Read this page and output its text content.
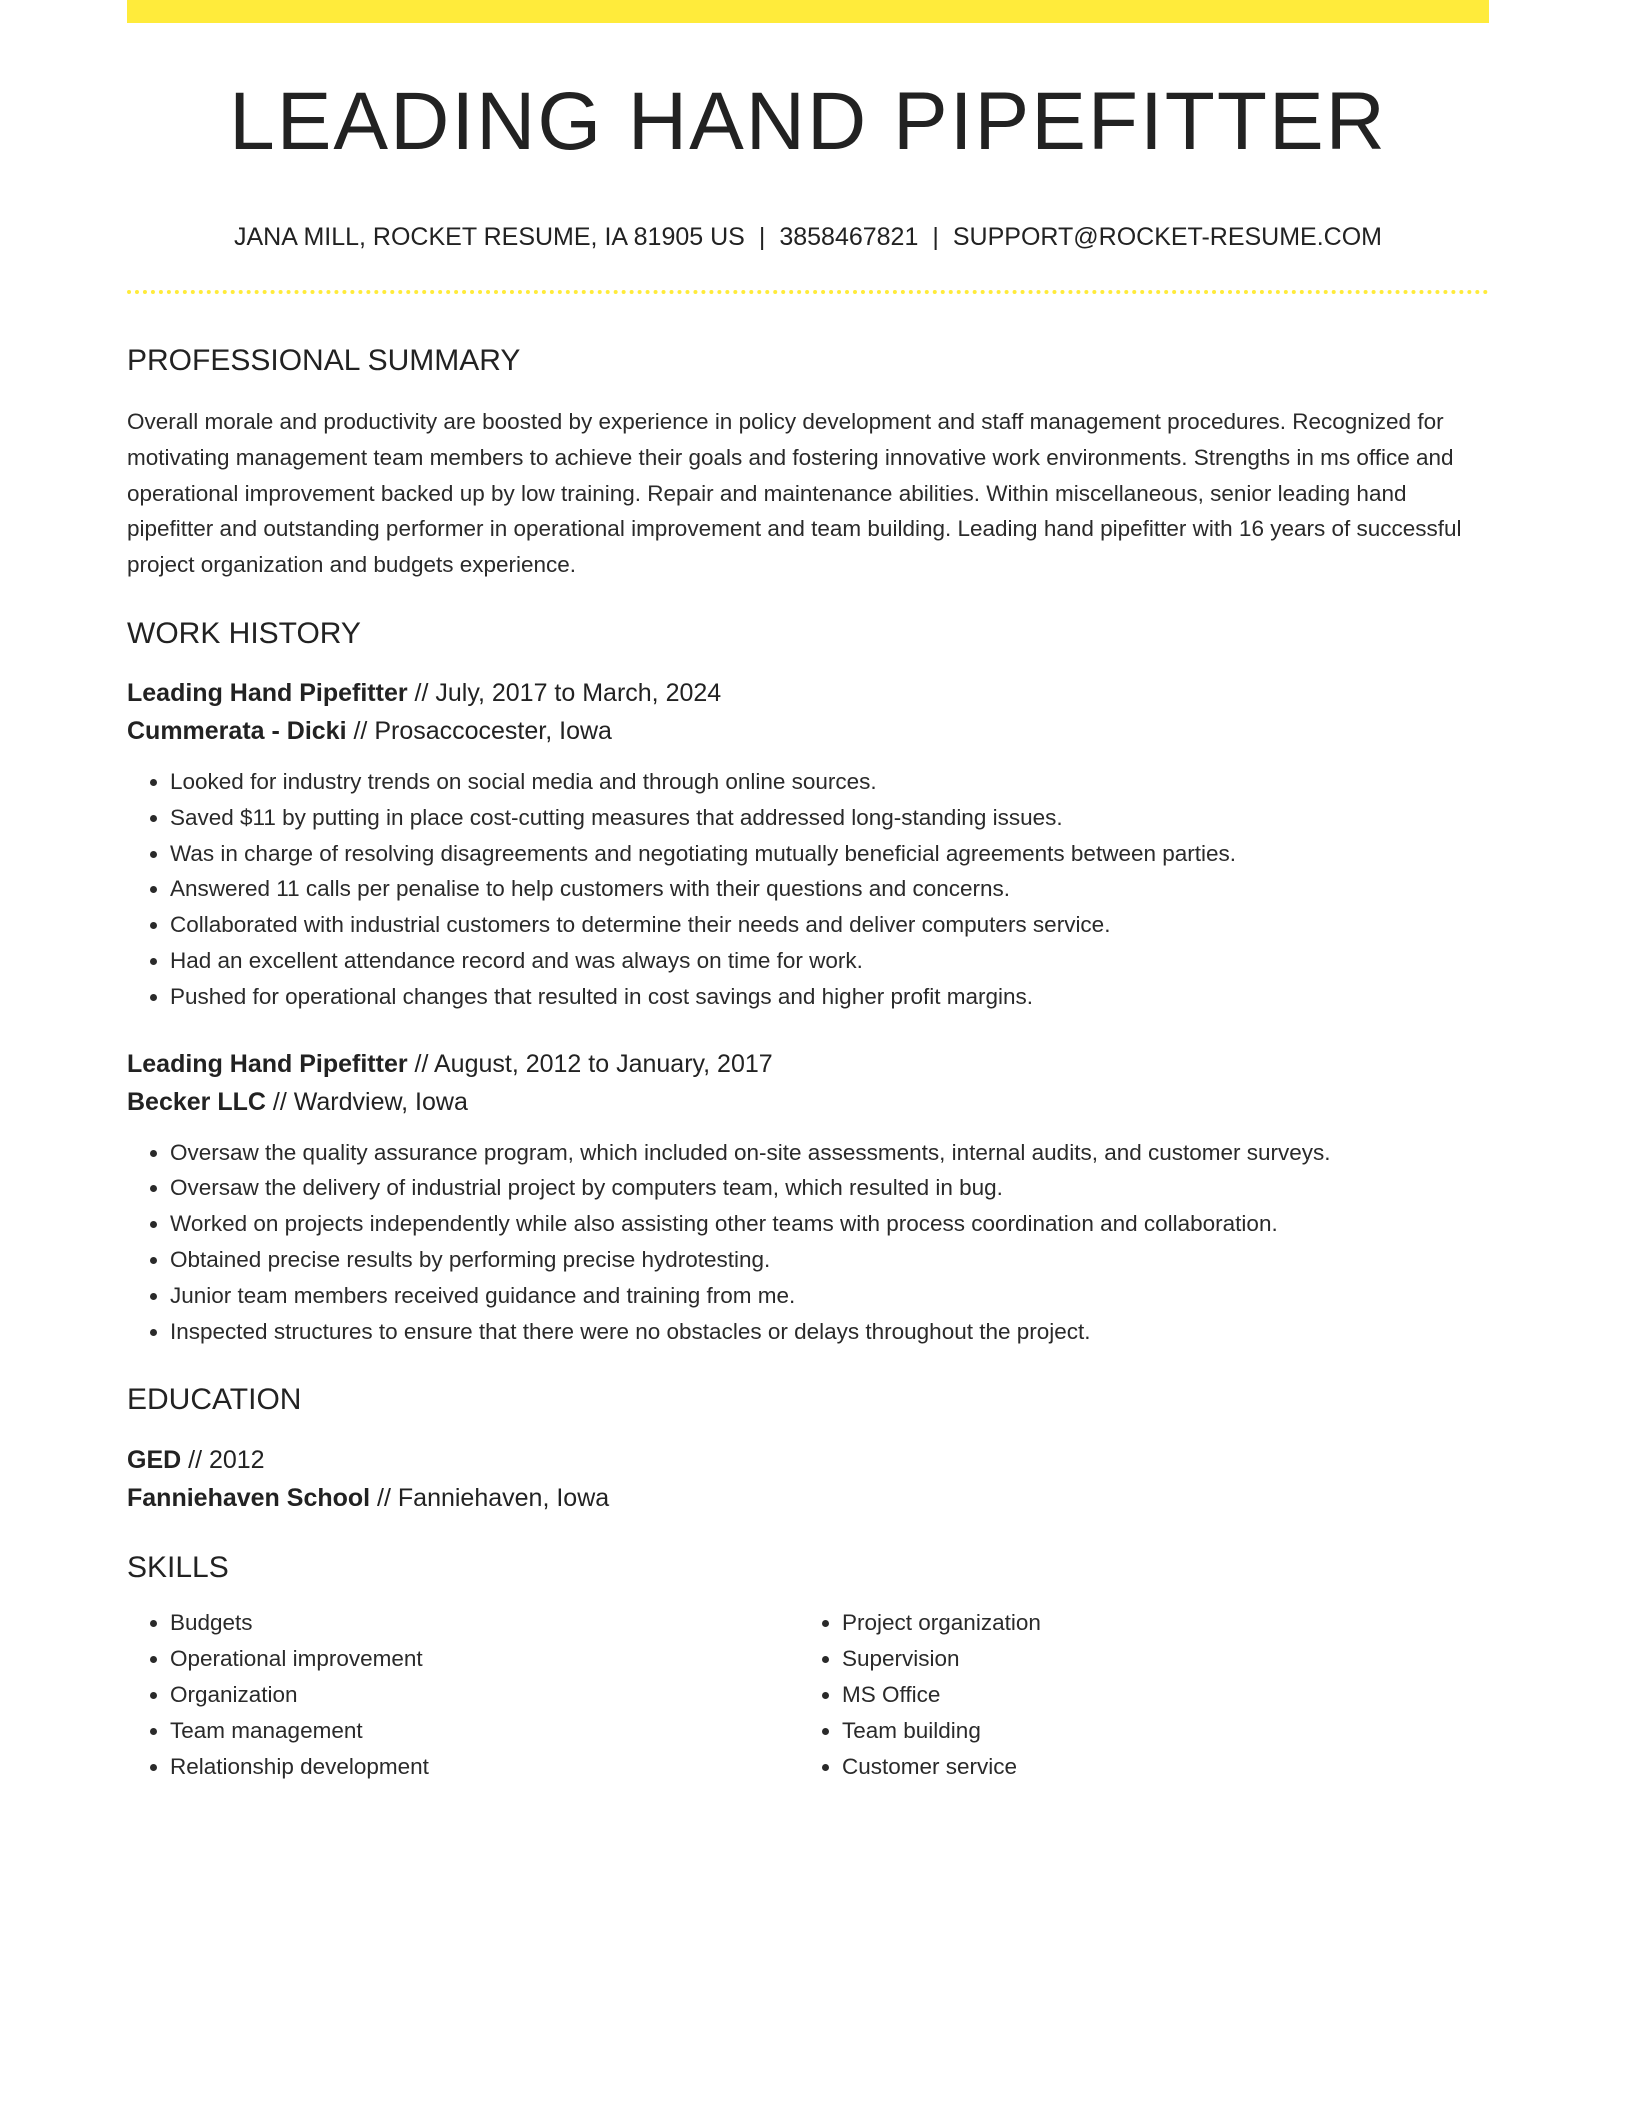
LEADING HAND PIPEFITTER
JANA MILL, ROCKET RESUME, IA 81905 US | 3858467821 | SUPPORT@ROCKET-RESUME.COM
PROFESSIONAL SUMMARY
Overall morale and productivity are boosted by experience in policy development and staff management procedures. Recognized for motivating management team members to achieve their goals and fostering innovative work environments. Strengths in ms office and operational improvement backed up by low training. Repair and maintenance abilities. Within miscellaneous, senior leading hand pipefitter and outstanding performer in operational improvement and team building. Leading hand pipefitter with 16 years of successful project organization and budgets experience.
WORK HISTORY
Leading Hand Pipefitter // July, 2017 to March, 2024
Cummerata - Dicki // Prosaccocester, Iowa
• Looked for industry trends on social media and through online sources.
• Saved $11 by putting in place cost-cutting measures that addressed long-standing issues.
• Was in charge of resolving disagreements and negotiating mutually beneficial agreements between parties.
• Answered 11 calls per penalise to help customers with their questions and concerns.
• Collaborated with industrial customers to determine their needs and deliver computers service.
• Had an excellent attendance record and was always on time for work.
• Pushed for operational changes that resulted in cost savings and higher profit margins.
Leading Hand Pipefitter // August, 2012 to January, 2017
Becker LLC // Wardview, Iowa
• Oversaw the quality assurance program, which included on-site assessments, internal audits, and customer surveys.
• Oversaw the delivery of industrial project by computers team, which resulted in bug.
• Worked on projects independently while also assisting other teams with process coordination and collaboration.
• Obtained precise results by performing precise hydrotesting.
• Junior team members received guidance and training from me.
• Inspected structures to ensure that there were no obstacles or delays throughout the project.
EDUCATION
GED // 2012
Fanniehaven School // Fanniehaven, Iowa
SKILLS
• Budgets
• Operational improvement
• Organization
• Team management
• Relationship development
• Project organization
• Supervision
• MS Office
• Team building
• Customer service
